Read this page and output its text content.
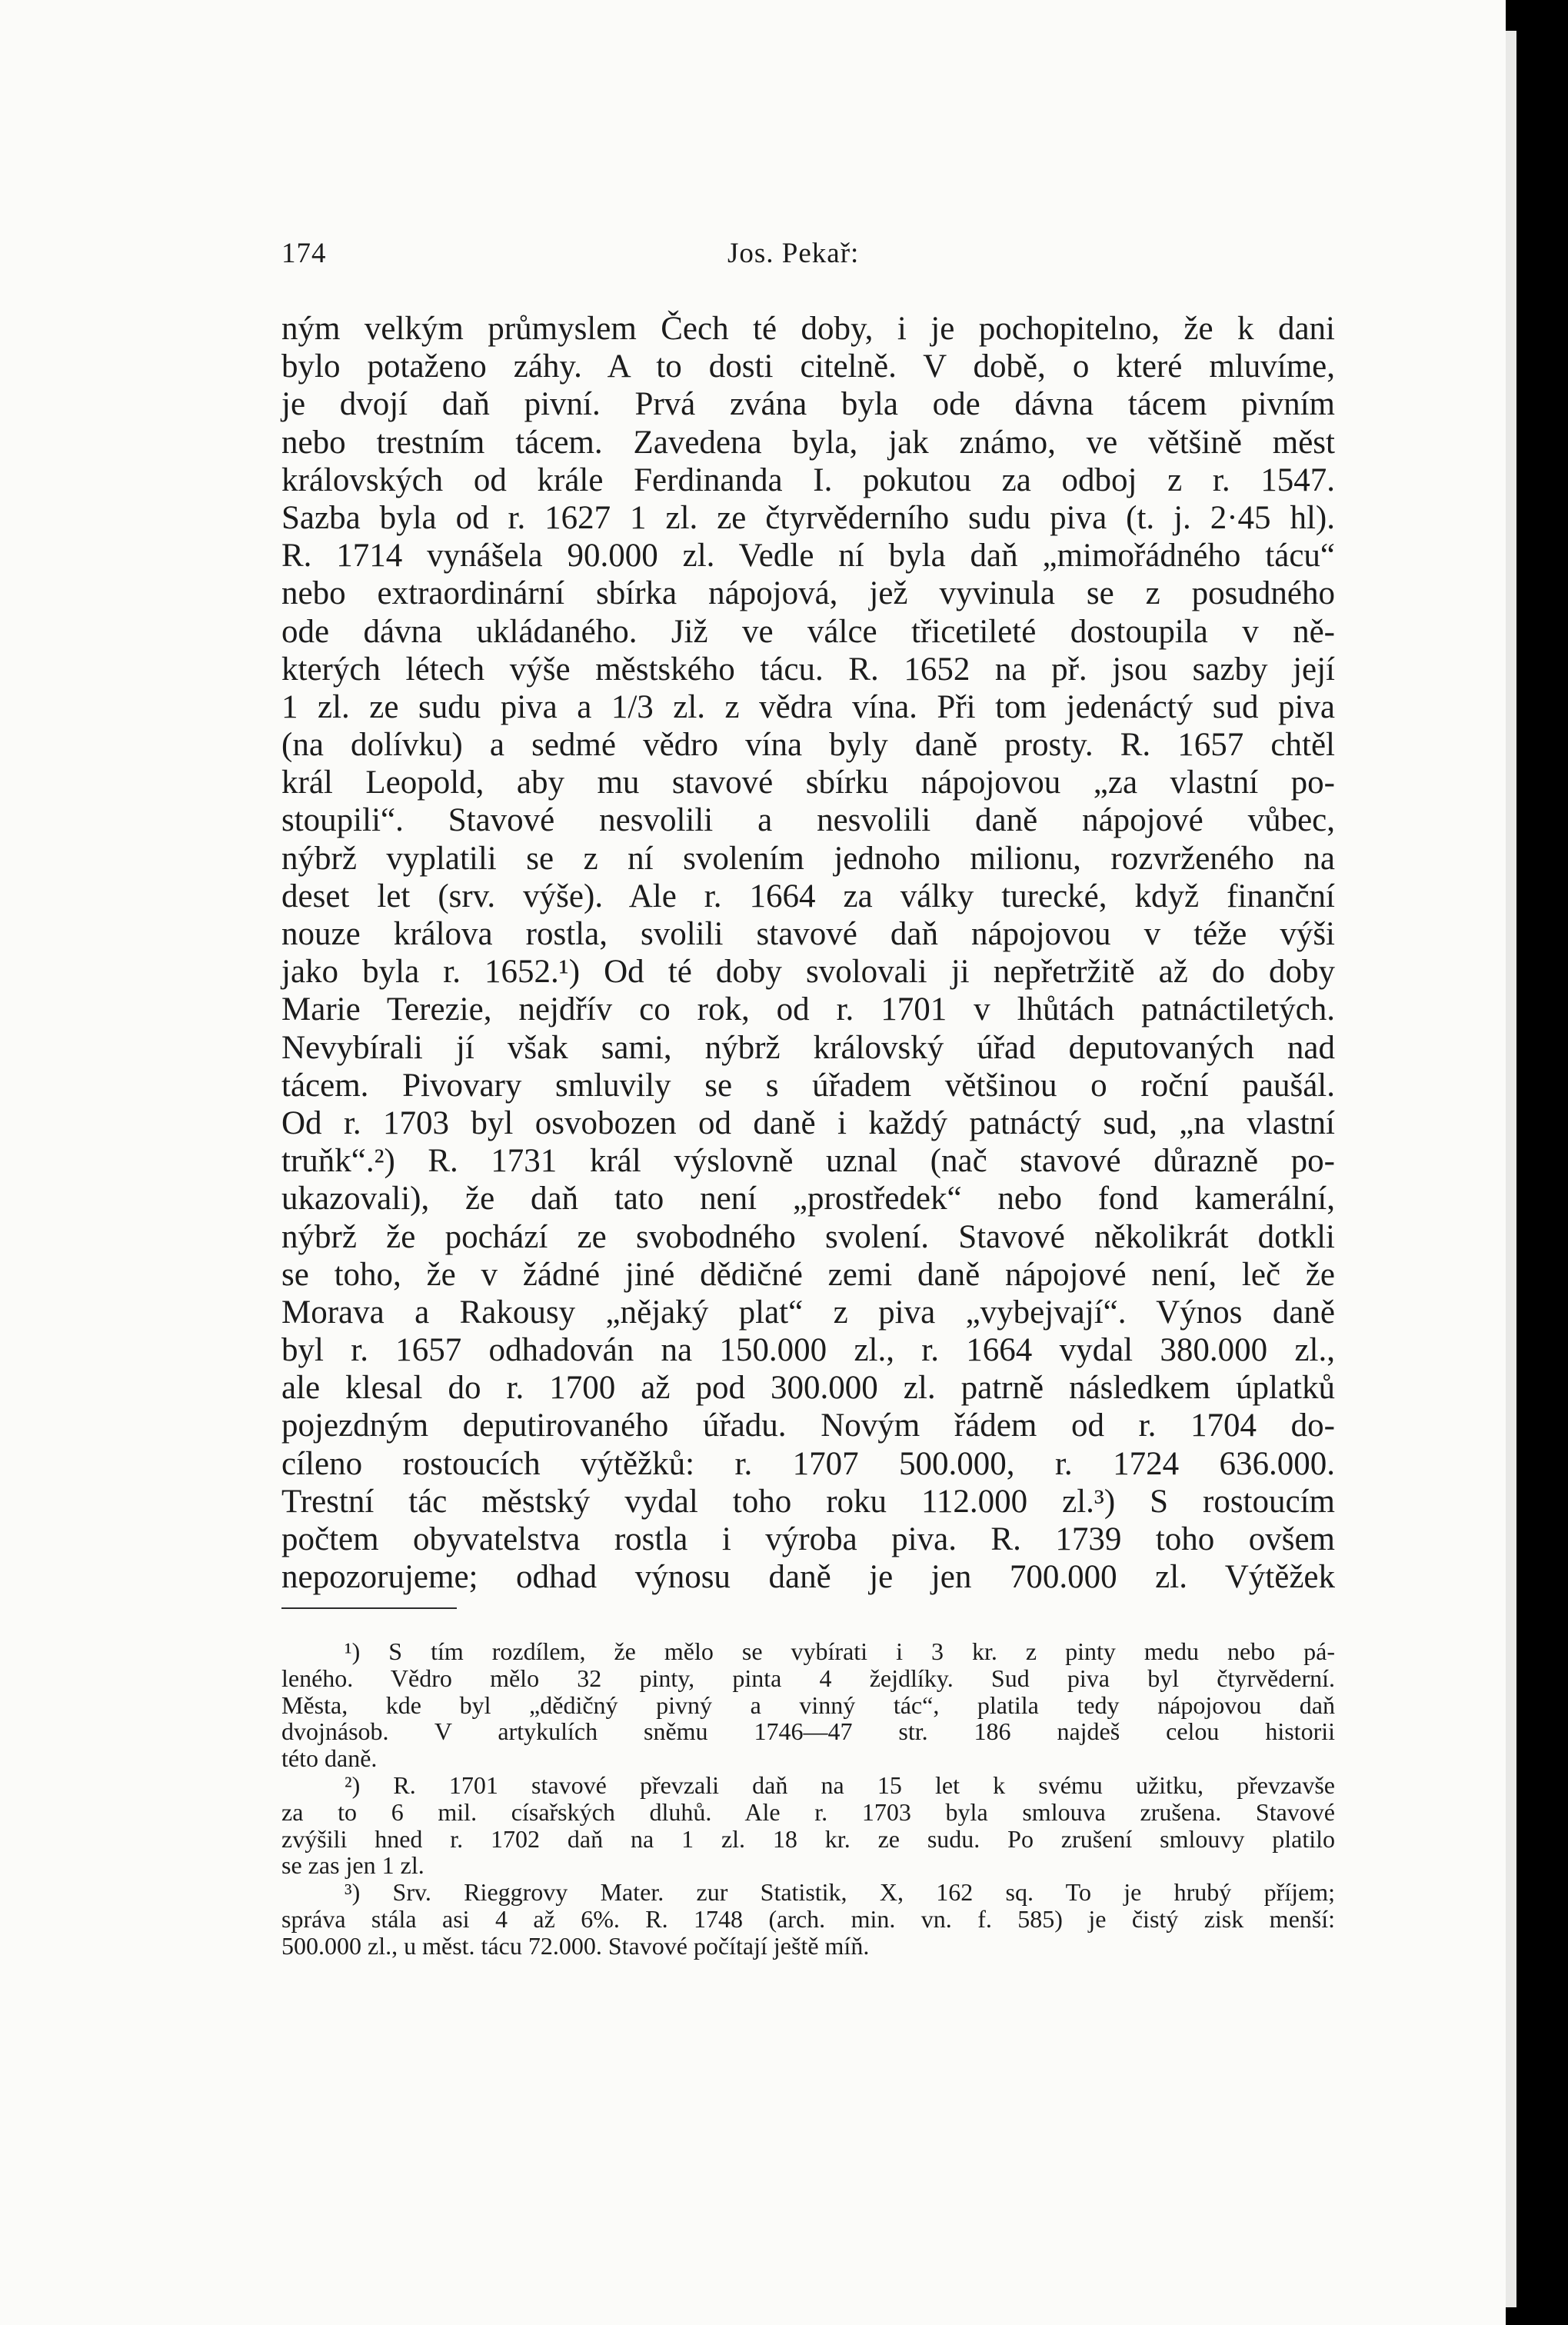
174	Jos. Pekař:
ným velkým průmyslem Čech té doby, i je pochopitelno, že k dani
bylo potaženo záhy. A to dosti citelně. V době, o které mluvíme,
je dvojí daň pivní. Prvá zvána byla ode dávna tácem pivním
nebo trestním tácem. Zavedena byla, jak známo, ve většině měst
královských od krále Ferdinanda I. pokutou za odboj z r. 1547.
Sazba byla od r. 1627 1 zl. ze čtyrvěderního sudu piva (t. j. 2·45 hl).
R. 1714 vynášela 90.000 zl. Vedle ní byla daň „mimořádného tácu“
nebo extraordinární sbírka nápojová, jež vyvinula se z posudného
ode dávna ukládaného. Již ve válce třicetileté dostoupila v ně-
kterých létech výše městského tácu. R. 1652 na př. jsou sazby její
1 zl. ze sudu piva a 1/3 zl. z vědra vína. Při tom jedenáctý sud piva
(na dolívku) a sedmé vědro vína byly daně prosty. R. 1657 chtěl
král Leopold, aby mu stavové sbírku nápojovou „za vlastní po-
stoupili“. Stavové nesvolili a nesvolili daně nápojové vůbec,
nýbrž vyplatili se z ní svolením jednoho milionu, rozvrženého na
deset let (srv. výše). Ale r. 1664 za války turecké, když finanční
nouze králova rostla, svolili stavové daň nápojovou v téže výši
jako byla r. 1652.¹) Od té doby svolovali ji nepřetržitě až do doby
Marie Terezie, nejdřív co rok, od r. 1701 v lhůtách patnáctiletých.
Nevybírali jí však sami, nýbrž královský úřad deputovaných nad
tácem. Pivovary smluvily se s úřadem většinou o roční paušál.
Od r. 1703 byl osvobozen od daně i každý patnáctý sud, „na vlastní
truňk“.²) R. 1731 král výslovně uznal (nač stavové důrazně po-
ukazovali), že daň tato není „prostředek“ nebo fond kamerální,
nýbrž že pochází ze svobodného svolení. Stavové několikrát dotkli
se toho, že v žádné jiné dědičné zemi daně nápojové není, leč že
Morava a Rakousy „nějaký plat“ z piva „vybejvají“. Výnos daně
byl r. 1657 odhadován na 150.000 zl., r. 1664 vydal 380.000 zl.,
ale klesal do r. 1700 až pod 300.000 zl. patrně následkem úplatků
pojezdným deputirovaného úřadu. Novým řádem od r. 1704 do-
cíleno rostoucích výtěžků: r. 1707 500.000, r. 1724 636.000.
Trestní tác městský vydal toho roku 112.000 zl.³) S rostoucím
počtem obyvatelstva rostla i výroba piva. R. 1739 toho ovšem
nepozorujeme; odhad výnosu daně je jen 700.000 zl. Výtěžek
¹) S tím rozdílem, že mělo se vybírati i 3 kr. z pinty medu nebo pá-
leného. Vědro mělo 32 pinty, pinta 4 žejdlíky. Sud piva byl čtyrvěderní.
Města, kde byl „dědičný pivný a vinný tác“, platila tedy nápojovou daň
dvojnásob. V artykulích sněmu 1746—47 str. 186 najdeš celou historii
této daně.
²) R. 1701 stavové převzali daň na 15 let k svému užitku, převzavše
za to 6 mil. císařských dluhů. Ale r. 1703 byla smlouva zrušena. Stavové
zvýšili hned r. 1702 daň na 1 zl. 18 kr. ze sudu. Po zrušení smlouvy platilo
se zas jen 1 zl.
³) Srv. Rieggrovy Mater. zur Statistik, X, 162 sq. To je hrubý příjem;
správa stála asi 4 až 6%. R. 1748 (arch. min. vn. f. 585) je čistý zisk menší:
500.000 zl., u měst. tácu 72.000. Stavové počítají ještě míň.
